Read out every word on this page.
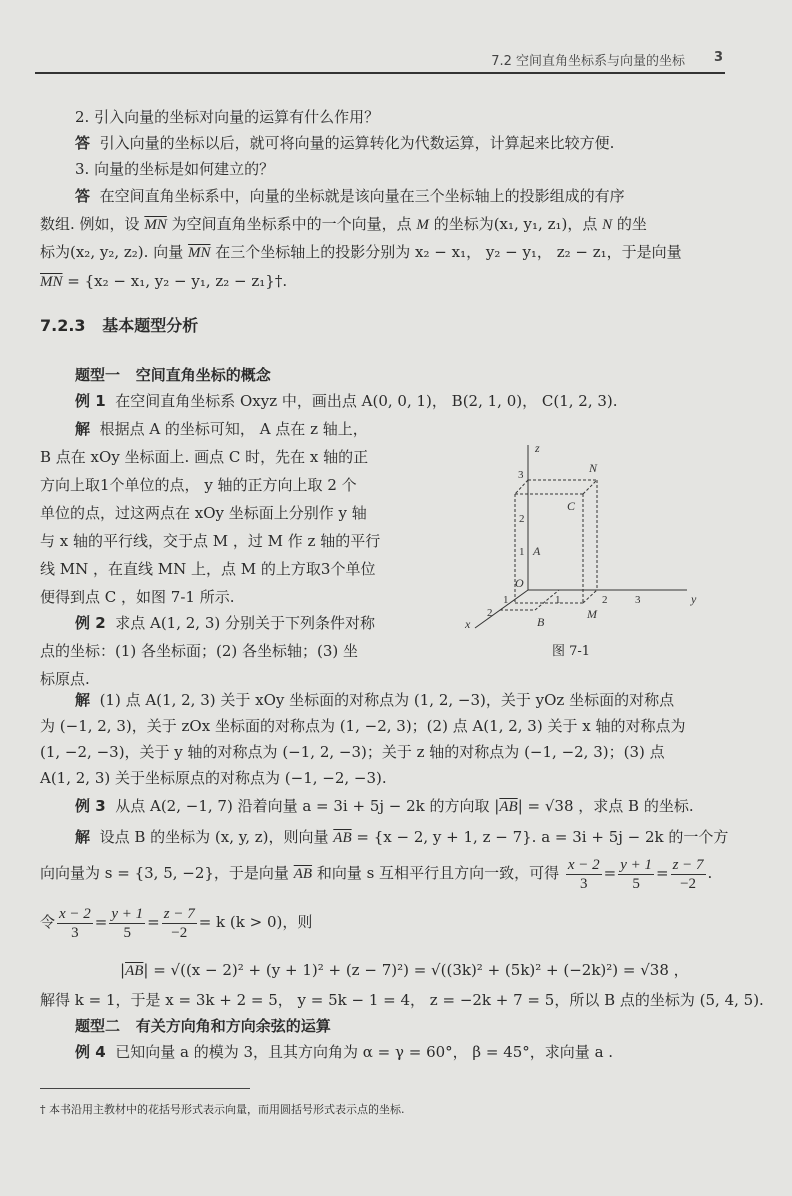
7.2 空间直角坐标系与向量的坐标 3
2. 引入向量的坐标对向量的运算有什么作用？
答 引入向量的坐标以后，就可将向量的运算转化为代数运算，计算起来比较方便.
3. 向量的坐标是如何建立的？
答 在空间直角坐标系中，向量的坐标就是该向量在三个坐标轴上的投影组成的有序
数组. 例如，设 $\overline{MN}$ 为空间直角坐标系中的一个向量，点 M 的坐标为(x₁, y₁, z₁)，点 N 的坐
标为(x₂, y₂, z₂). 向量 $\overline{MN}$ 在三个坐标轴上的投影分别为 x₂ − x₁， y₂ − y₁， z₂ − z₁，于是向量
$\overline{MN} = \{x_2 - x_1$, y₂ − y₁, z₂ − z₁}†.
7.2.3 基本题型分析
题型一 空间直角坐标的概念
例 1 在空间直角坐标系 Oxyz 中，画出点 A(0, 0, 1)， B(2, 1, 0)， C(1, 2, 3).
解 根据点 A 的坐标可知， A 点在 z 轴上，
B 点在 xOy 坐标面上. 画点 C 时，先在 x 轴的正
方向上取1个单位的点， y 轴的正方向上取 2 个
单位的点，过这两点在 xOy 坐标面上分别作 y 轴
与 x 轴的平行线，交于点 M ，过 M 作 z 轴的平行
线 MN ，在直线 MN 上，点 M 的上方取3个单位
便得到点 C ，如图 7-1 所示.
例 2 求点 A(1, 2, 3) 分别关于下列条件对称
点的坐标：(1) 各坐标面；(2) 各坐标轴；(3) 坐
标原点.
z
y
x
O
A
B
C
M
N
3
2
1
1	2	3
1
2
图 7-1
解 (1) 点 A(1, 2, 3) 关于 xOy 坐标面的对称点为 (1, 2, −3)，关于 yOz 坐标面的对称点
为 (−1, 2, 3)，关于 zOx 坐标面的对称点为 (1, −2, 3)；(2) 点 A(1, 2, 3) 关于 x 轴的对称点为
(1, −2, −3)，关于 y 轴的对称点为 (−1, 2, −3)；关于 z 轴的对称点为 (−1, −2, 3)；(3) 点
A(1, 2, 3) 关于坐标原点的对称点为 (−1, −2, −3).
例 3 从点 A(2, −1, 7) 沿着向量 a = 3i + 5j − 2k 的方向取 $|\overline{AB}| = √38$ ，求点 B 的坐标.
解 设点 B 的坐标为 (x, y, z)，则向量 $\overline{AB} = \{x - 2$, y + 1, z − 7}. a = 3i + 5j − 2k 的一个方
向向量为 s = {3, 5, −2}，于是向量 $\overline{AB}$ 和向量 s 互相平行且方向一致，可得 $\frac{x - 2}{3} = \frac{y + 1}{5} = \frac{z - 7}{-2}$ .
令 $\frac{x - 2}{3} = \frac{y + 1}{5} = \frac{z - 7}{-2} = k$ (k > 0)，则
$|\overline{AB}| = √((x - 2)^2 + (y + 1)^2 + (z - 7)^2) = √((3k)^2 + (5k)^2 + (-2k)^2) = √38$ ，
解得 k = 1，于是 x = 3k + 2 = 5， y = 5k − 1 = 4， z = −2k + 7 = 5，所以 B 点的坐标为 (5, 4, 5).
题型二 有关方向角和方向余弦的运算
例 4 已知向量 a 的模为 3，且其方向角为 α = γ = 60°， β = 45°，求向量 a .
† 本书沿用主教材中的花括号形式表示向量，而用圆括号形式表示点的坐标.
